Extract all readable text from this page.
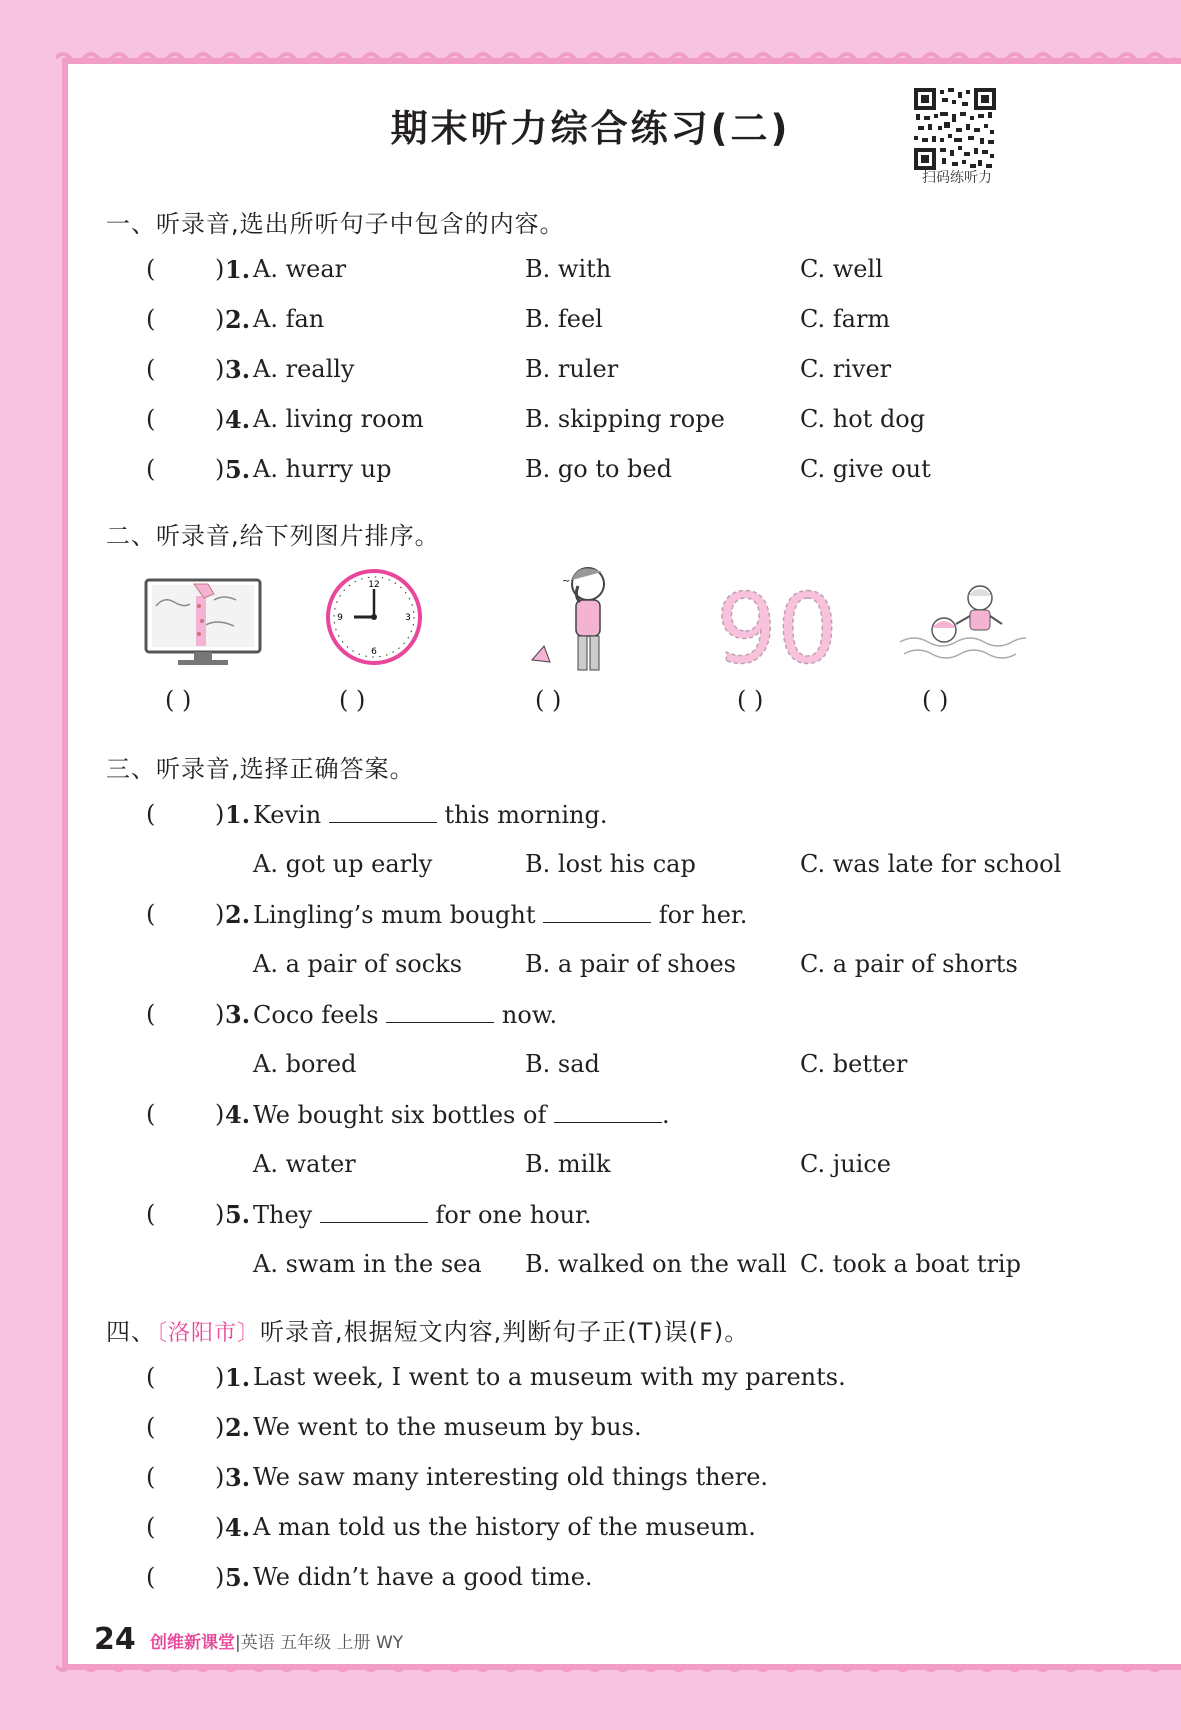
期末听力综合练习(二)
扫码练听力
一、听录音,选出所听句子中包含的内容。
( ) 1. A. wear	B. with	C. well
( ) 2. A. fan	B. feel	C. farm
( ) 3. A. really	B. ruler	C. river
( ) 4. A. living room	B. skipping rope	C. hot dog
( ) 5. A. hurry up	B. go to bed	C. give out
二、听录音,给下列图片排序。
12
3
6
9
~ 90
( )	( )	( )	( )	( )
三、听录音,选择正确答案。
( ) 1. Kevin	this morning.
A. got up early	B. lost his cap	C. was late for school
( ) 2. Lingling’s mum bought	for her.
A. a pair of socks	B. a pair of shoes	C. a pair of shorts
( ) 3. Coco feels	now.
A. bored	B. sad	C. better
( ) 4. We bought six bottles of	.
A. water	B. milk	C. juice
( ) 5. They	for one hour.
A. swam in the sea B. walked on the wall C. took a boat trip
四、〔洛阳市〕听录音,根据短文内容,判断句子正(T)误(F)。
( ) 1. Last week, I went to a museum with my parents.
( ) 2. We went to the museum by bus.
( ) 3. We saw many interesting old things there.
( ) 4. A man told us the history of the museum.
( ) 5. We didn’t have a good time.
24 创维新课堂|英语 五年级 上册 WY
